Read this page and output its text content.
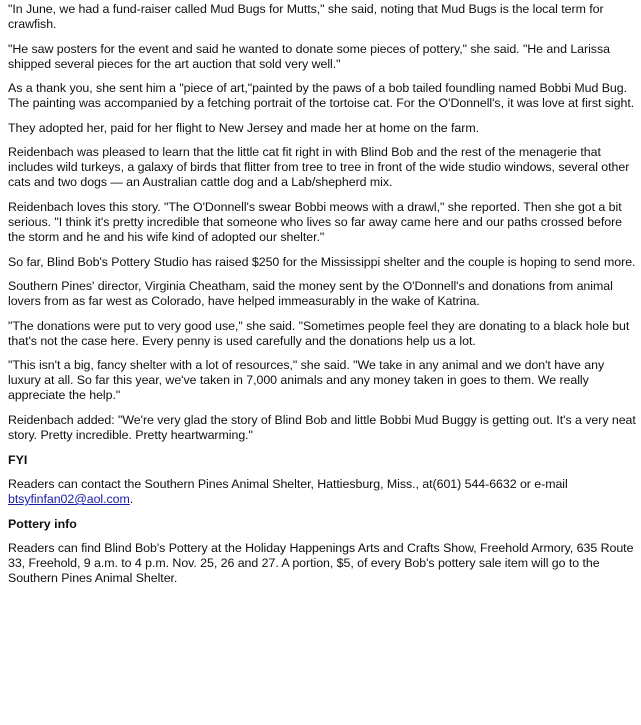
"In June, we had a fund-raiser called Mud Bugs for Mutts," she said, noting that Mud Bugs is the local term for crawfish.

"He saw posters for the event and said he wanted to donate some pieces of pottery," she said. "He and Larissa shipped several pieces for the art auction that sold very well."

As a thank you, she sent him a "piece of art,"painted by the paws of a bob tailed foundling named Bobbi Mud Bug. The painting was accompanied by a fetching portrait of the tortoise cat. For the O'Donnell's, it was love at first sight.

They adopted her, paid for her flight to New Jersey and made her at home on the farm.

Reidenbach was pleased to learn that the little cat fit right in with Blind Bob and the rest of the menagerie that includes wild turkeys, a galaxy of birds that flitter from tree to tree in front of the wide studio windows, several other cats and two dogs — an Australian cattle dog and a Lab/shepherd mix.

Reidenbach loves this story. "The O'Donnell's swear Bobbi meows with a drawl," she reported. Then she got a bit serious. "I think it's pretty incredible that someone who lives so far away came here and our paths crossed before the storm and he and his wife kind of adopted our shelter."

So far, Blind Bob's Pottery Studio has raised $250 for the Mississippi shelter and the couple is hoping to send more.

Southern Pines' director, Virginia Cheatham, said the money sent by the O'Donnell's and donations from animal lovers from as far west as Colorado, have helped immeasurably in the wake of Katrina.

"The donations were put to very good use," she said. "Sometimes people feel they are donating to a black hole but that's not the case here. Every penny is used carefully and the donations help us a lot.

"This isn't a big, fancy shelter with a lot of resources," she said. "We take in any animal and we don't have any luxury at all. So far this year, we've taken in 7,000 animals and any money taken in goes to them. We really appreciate the help."

Reidenbach added: "We're very glad the story of Blind Bob and little Bobbi Mud Buggy is getting out. It's a very neat story. Pretty incredible. Pretty heartwarming."

FYI

Readers can contact the Southern Pines Animal Shelter, Hattiesburg, Miss., at(601) 544-6632 or e-mail btsyfinfan02@aol.com.

Pottery info

Readers can find Blind Bob's Pottery at the Holiday Happenings Arts and Crafts Show, Freehold Armory, 635 Route 33, Freehold, 9 a.m. to 4 p.m. Nov. 25, 26 and 27. A portion, $5, of every Bob's pottery sale item will go to the Southern Pines Animal Shelter.
